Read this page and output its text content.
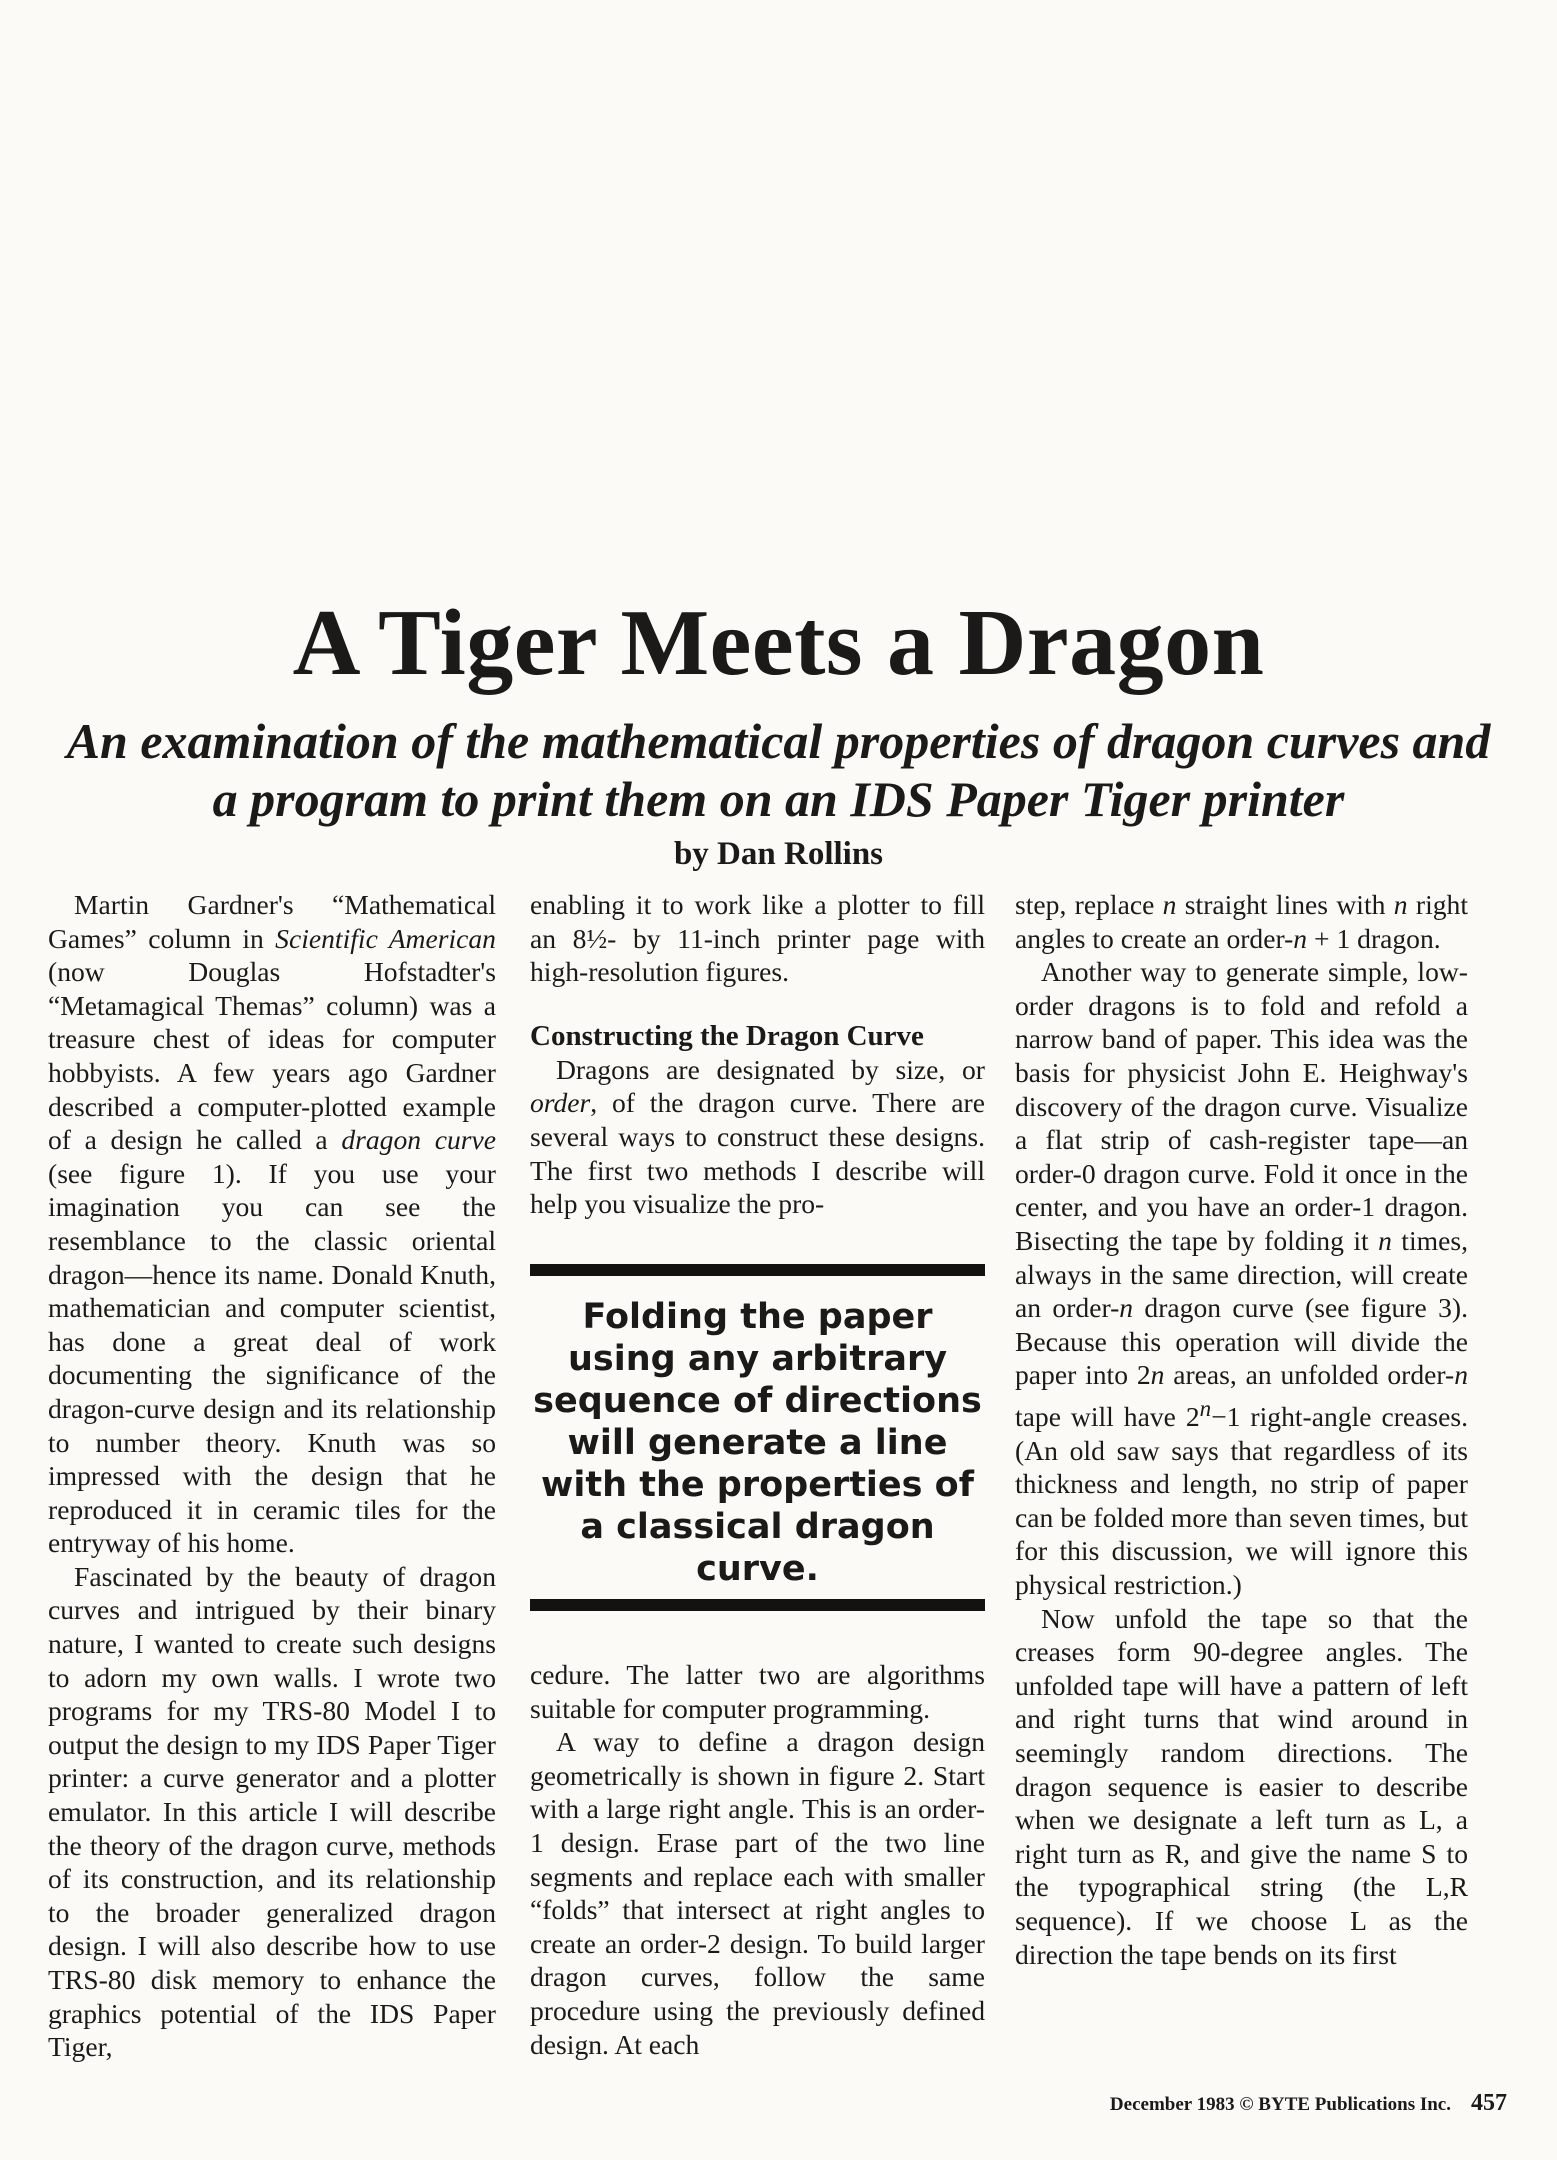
A Tiger Meets a Dragon
An examination of the mathematical properties of dragon curves and a program to print them on an IDS Paper Tiger printer
by Dan Rollins

Martin Gardner's “Mathematical Games” column in Scientific American (now Douglas Hofstadter's “Metamagical Themas” column) was a treasure chest of ideas for computer hobbyists. A few years ago Gardner described a computer-plotted example of a design he called a dragon curve (see figure 1). If you use your imagination you can see the resemblance to the classic oriental dragon—hence its name. Donald Knuth, mathematician and computer scientist, has done a great deal of work documenting the significance of the dragon-curve design and its relationship to number theory. Knuth was so impressed with the design that he reproduced it in ceramic tiles for the entryway of his home.

Fascinated by the beauty of dragon curves and intrigued by their binary nature, I wanted to create such designs to adorn my own walls. I wrote two programs for my TRS-80 Model I to output the design to my IDS Paper Tiger printer: a curve generator and a plotter emulator. In this article I will describe the theory of the dragon curve, methods of its construction, and its relationship to the broader generalized dragon design. I will also describe how to use TRS-80 disk memory to enhance the graphics potential of the IDS Paper Tiger,

enabling it to work like a plotter to fill an 8½- by 11-inch printer page with high-resolution figures.

Constructing the Dragon Curve

Dragons are designated by size, or order, of the dragon curve. There are several ways to construct these designs. The first two methods I describe will help you visualize the pro-

Folding the paper using any arbitrary sequence of directions will generate a line with the properties of a classical dragon curve.

cedure. The latter two are algorithms suitable for computer programming.

A way to define a dragon design geometrically is shown in figure 2. Start with a large right angle. This is an order-1 design. Erase part of the two line segments and replace each with smaller “folds” that intersect at right angles to create an order-2 design. To build larger dragon curves, follow the same procedure using the previously defined design. At each

step, replace n straight lines with n right angles to create an order-n + 1 dragon.

Another way to generate simple, low-order dragons is to fold and refold a narrow band of paper. This idea was the basis for physicist John E. Heighway's discovery of the dragon curve. Visualize a flat strip of cash-register tape—an order-0 dragon curve. Fold it once in the center, and you have an order-1 dragon. Bisecting the tape by folding it n times, always in the same direction, will create an order-n dragon curve (see figure 3). Because this operation will divide the paper into 2n areas, an unfolded order-n tape will have $2^n-1$ right-angle creases. (An old saw says that regardless of its thickness and length, no strip of paper can be folded more than seven times, but for this discussion, we will ignore this physical restriction.)

Now unfold the tape so that the creases form 90-degree angles. The unfolded tape will have a pattern of left and right turns that wind around in seemingly random directions. The dragon sequence is easier to describe when we designate a left turn as L, a right turn as R, and give the name S to the typographical string (the L,R sequence). If we choose L as the direction the tape bends on its first

December 1983 © BYTE Publications Inc. 457
